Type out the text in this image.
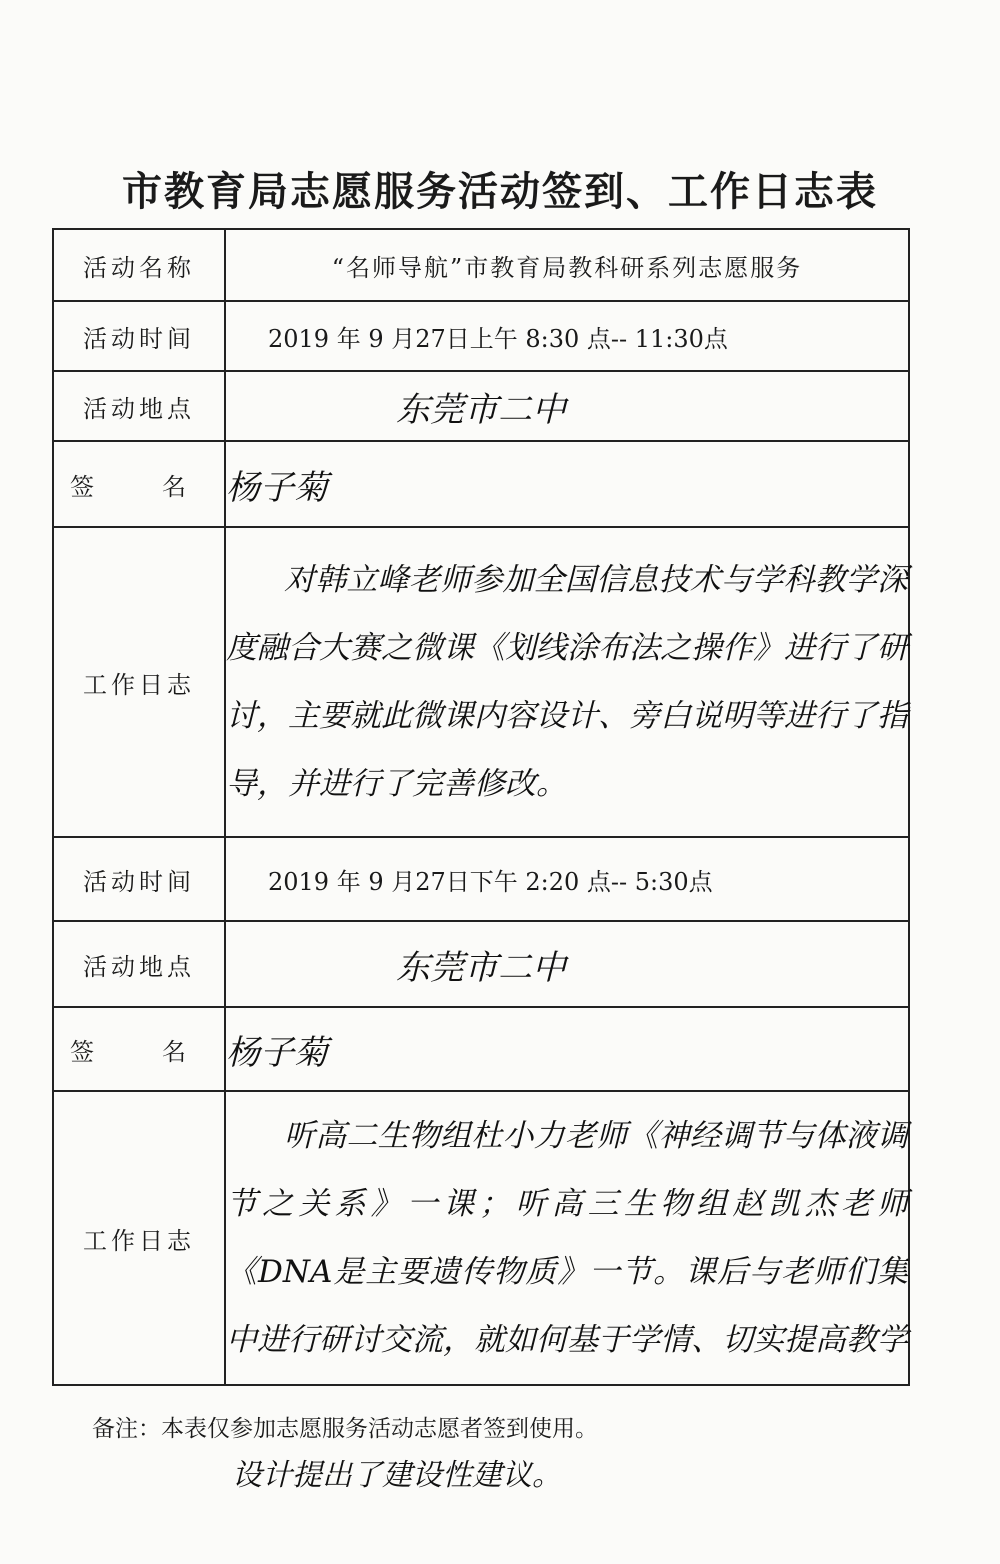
市教育局志愿服务活动签到、工作日志表
活动名称	“名师导航”市教育局教科研系列志愿服务
活动时间	2019 年 9 月27日上午 8:30 点-- 11:30点
活动地点	东莞市二中
签　名	杨子菊
工作日志	对韩立峰老师参加全国信息技术与学科教学深度融合大赛之微课《划线涂布法之操作》进行了研讨，主要就此微课内容设计、旁白说明等进行了指导，并进行了完善修改。
活动时间	2019 年 9 月27日下午 2:20 点-- 5:30点
活动地点	东莞市二中
签　名	杨子菊
工作日志	听高二生物组杜小力老师《神经调节与体液调节之关系》一课；听高三生物组赵凯杰老师《DNA是主要遗传物质》一节。课后与老师们集中进行研讨交流，就如何基于学情、切实提高教学
备注：本表仅参加志愿服务活动志愿者签到使用。
设计提出了建设性建议。
